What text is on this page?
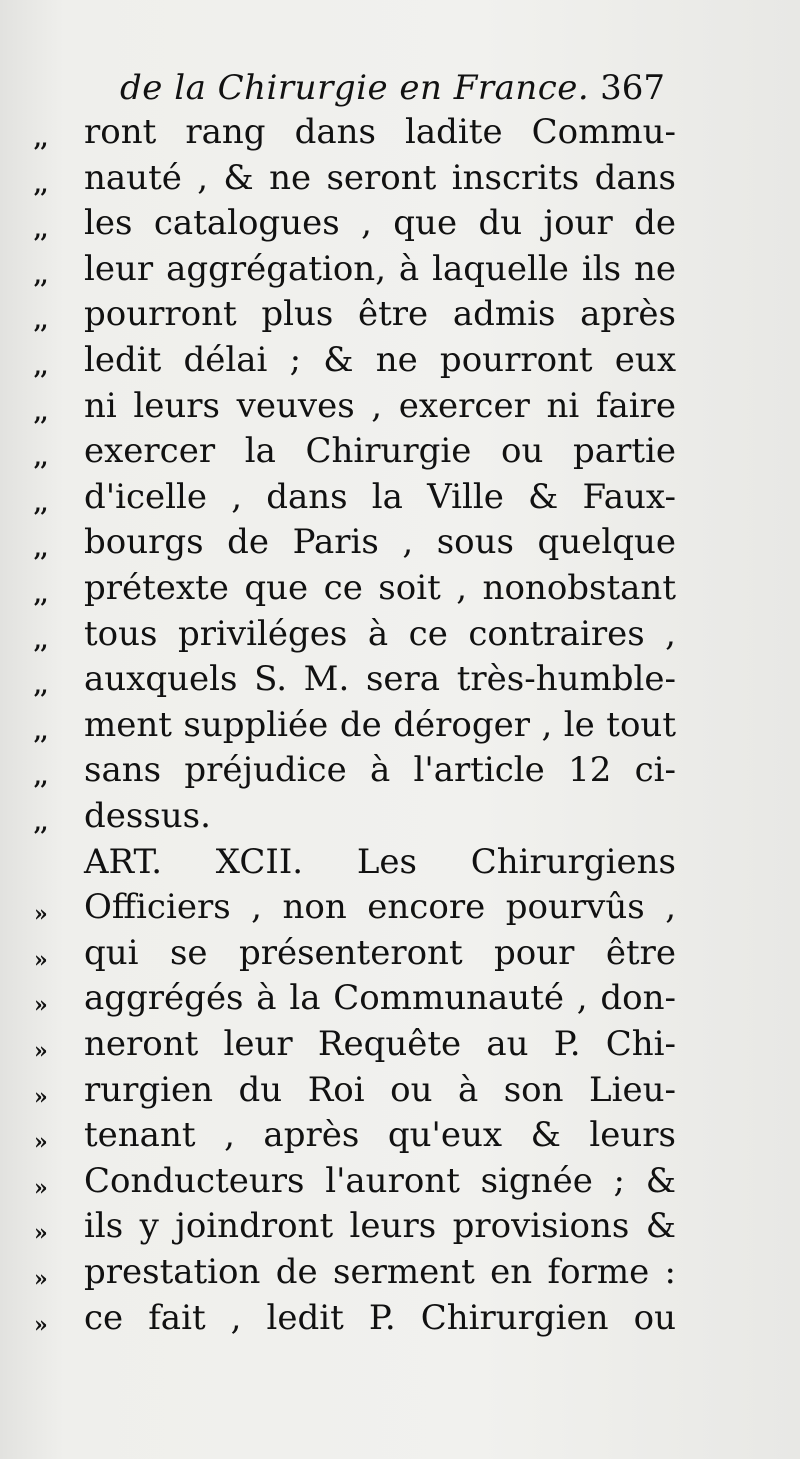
de la Chirurgie en France. 367
,, ront rang dans ladite Commu-
,, nauté , & ne seront inscrits dans
,, les catalogues , que du jour de
,, leur aggrégation, à laquelle ils ne
,, pourront plus être admis après
,, ledit délai ; & ne pourront eux
,, ni leurs veuves , exercer ni faire
,, exercer la Chirurgie ou partie
,, d'icelle , dans la Ville & Faux-
,, bourgs de Paris , sous quelque
,, prétexte que ce soit , nonobstant
,, tous priviléges à ce contraires ,
,, auxquels S. M. sera très-humble-
,, ment suppliée de déroger , le tout
,, sans préjudice à l'article 12 ci-
,, dessus.
ART. XCII. Les Chirurgiens
» Officiers , non encore pourvûs ,
» qui se présenteront pour être
» aggrégés à la Communauté , don-
» neront leur Requête au P. Chi-
» rurgien du Roi ou à son Lieu-
» tenant , après qu'eux & leurs
» Conducteurs l'auront signée ; &
» ils y joindront leurs provisions &
» prestation de serment en forme :
» ce fait , ledit P. Chirurgien ou
